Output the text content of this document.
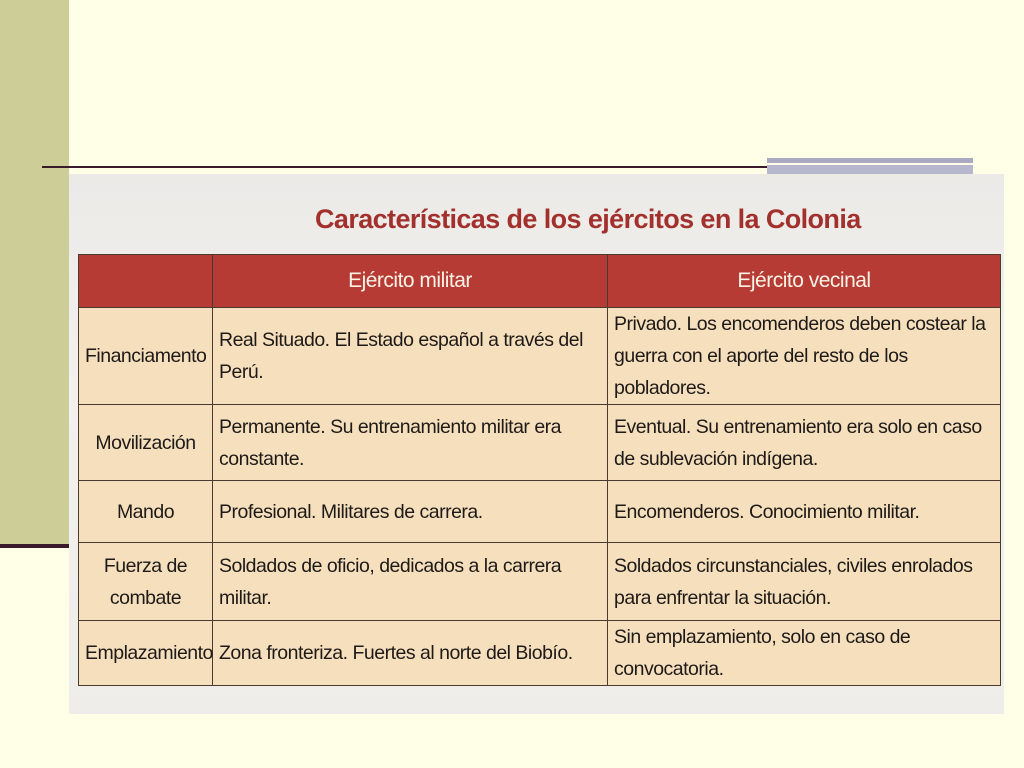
Características de los ejércitos en la Colonia
	Ejército militar	Ejército vecinal
Financiamento	Real Situado. El Estado español a través del Perú.	Privado. Los encomenderos deben costear la guerra con el aporte del resto de los pobladores.
Movilización	Permanente. Su entrenamiento militar era constante.	Eventual. Su entrenamiento era solo en caso de sublevación indígena.
Mando	Profesional. Militares de carrera.	Encomenderos. Conocimiento militar.
Fuerza de combate	Soldados de oficio, dedicados a la carrera militar.	Soldados circunstanciales, civiles enrolados para enfrentar la situación.
Emplazamiento	Zona fronteriza. Fuertes al norte del Biobío.	Sin emplazamiento, solo en caso de convocatoria.
